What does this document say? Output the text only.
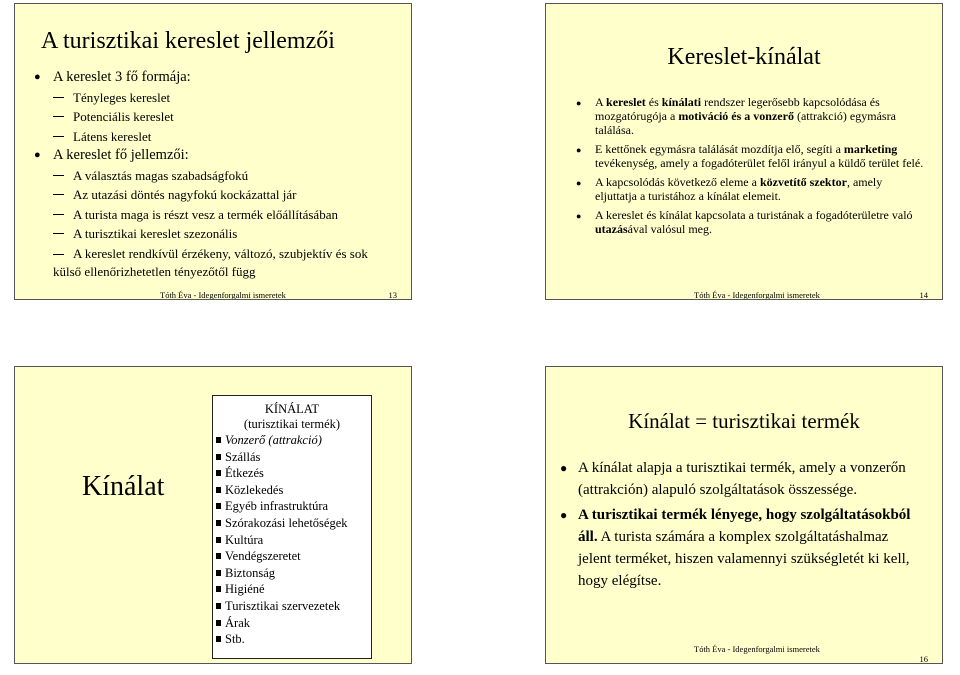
A turisztikai kereslet jellemzői
● A kereslet 3 fő formája:
Tényleges kereslet
Potenciális kereslet
Látens kereslet
● A kereslet fő jellemzői:
A választás magas szabadságfokú
Az utazási döntés nagyfokú kockázattal jár
A turista maga is részt vesz a termék előállításában
A turisztikai kereslet szezonális
A kereslet rendkívül érzékeny, változó, szubjektív és sok
külső ellenőrizhetetlen tényezőtől függ
Tóth Éva - Idegenforgalmi ismeretek	13
Kereslet-kínálat
● A kereslet és kínálati rendszer legerősebb kapcsolódása és mozgatórugója a motiváció és a vonzerő (attrakció) egymásra találása.
● E kettőnek egymásra találását mozdítja elő, segíti a marketing tevékenység, amely a fogadóterület felől irányul a küldő terület felé.
● A kapcsolódás következő eleme a közvetítő szektor, amely eljuttatja a turistához a kínálat elemeit.
● A kereslet és kínálat kapcsolata a turistának a fogadóterületre való utazásával valósul meg.
Tóth Éva - Idegenforgalmi ismeretek	14
Kínálat
KÍNÁLAT
(turisztikai termék)
Vonzerő (attrakció)
Szállás
Étkezés
Közlekedés
Egyéb infrastruktúra
Szórakozási lehetőségek
Kultúra
Vendégszeretet
Biztonság
Higiéné
Turisztikai szervezetek
Árak
Stb.
Kínálat = turisztikai termék
● A kínálat alapja a turisztikai termék, amely a vonzerőn (attrakción) alapuló szolgáltatások összessége.
● A turisztikai termék lényege, hogy szolgáltatásokból áll. A turista számára a komplex szolgáltatáshalmaz jelent terméket, hiszen valamennyi szükségletét ki kell, hogy elégítse.
Tóth Éva - Idegenforgalmi ismeretek
16
